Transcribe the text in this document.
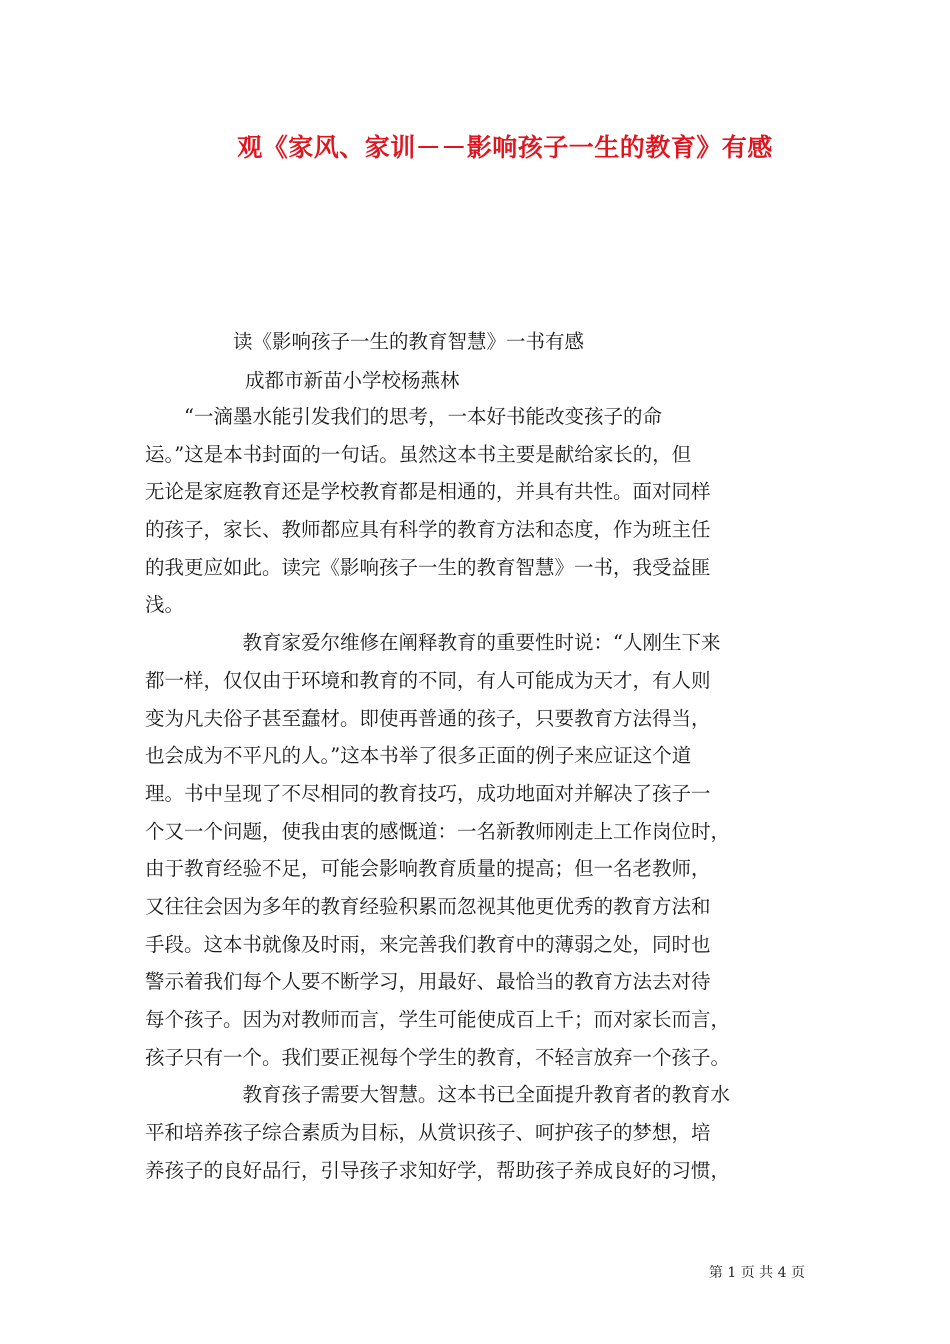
观《家风、家训－－影响孩子一生的教育》有感
读《影响孩子一生的教育智慧》一书有感
成都市新苗小学校杨燕林
　　“一滴墨水能引发我们的思考，一本好书能改变孩子的命
运。”这是本书封面的一句话。虽然这本书主要是献给家长的，但
无论是家庭教育还是学校教育都是相通的，并具有共性。面对同样
的孩子，家长、教师都应具有科学的教育方法和态度，作为班主任
的我更应如此。读完《影响孩子一生的教育智慧》一书，我受益匪
浅。
　　　　　教育家爱尔维修在阐释教育的重要性时说：“人刚生下来
都一样，仅仅由于环境和教育的不同，有人可能成为天才，有人则
变为凡夫俗子甚至蠢材。即使再普通的孩子，只要教育方法得当，
也会成为不平凡的人。”这本书举了很多正面的例子来应证这个道
理。书中呈现了不尽相同的教育技巧，成功地面对并解决了孩子一
个又一个问题，使我由衷的感慨道：一名新教师刚走上工作岗位时，
由于教育经验不足，可能会影响教育质量的提高；但一名老教师，
又往往会因为多年的教育经验积累而忽视其他更优秀的教育方法和
手段。这本书就像及时雨，来完善我们教育中的薄弱之处，同时也
警示着我们每个人要不断学习，用最好、最恰当的教育方法去对待
每个孩子。因为对教师而言，学生可能使成百上千；而对家长而言，
孩子只有一个。我们要正视每个学生的教育，不轻言放弃一个孩子。
　　　　　教育孩子需要大智慧。这本书已全面提升教育者的教育水
平和培养孩子综合素质为目标，从赏识孩子、呵护孩子的梦想，培
养孩子的良好品行，引导孩子求知好学，帮助孩子养成良好的习惯，
第 1 页 共 4 页
